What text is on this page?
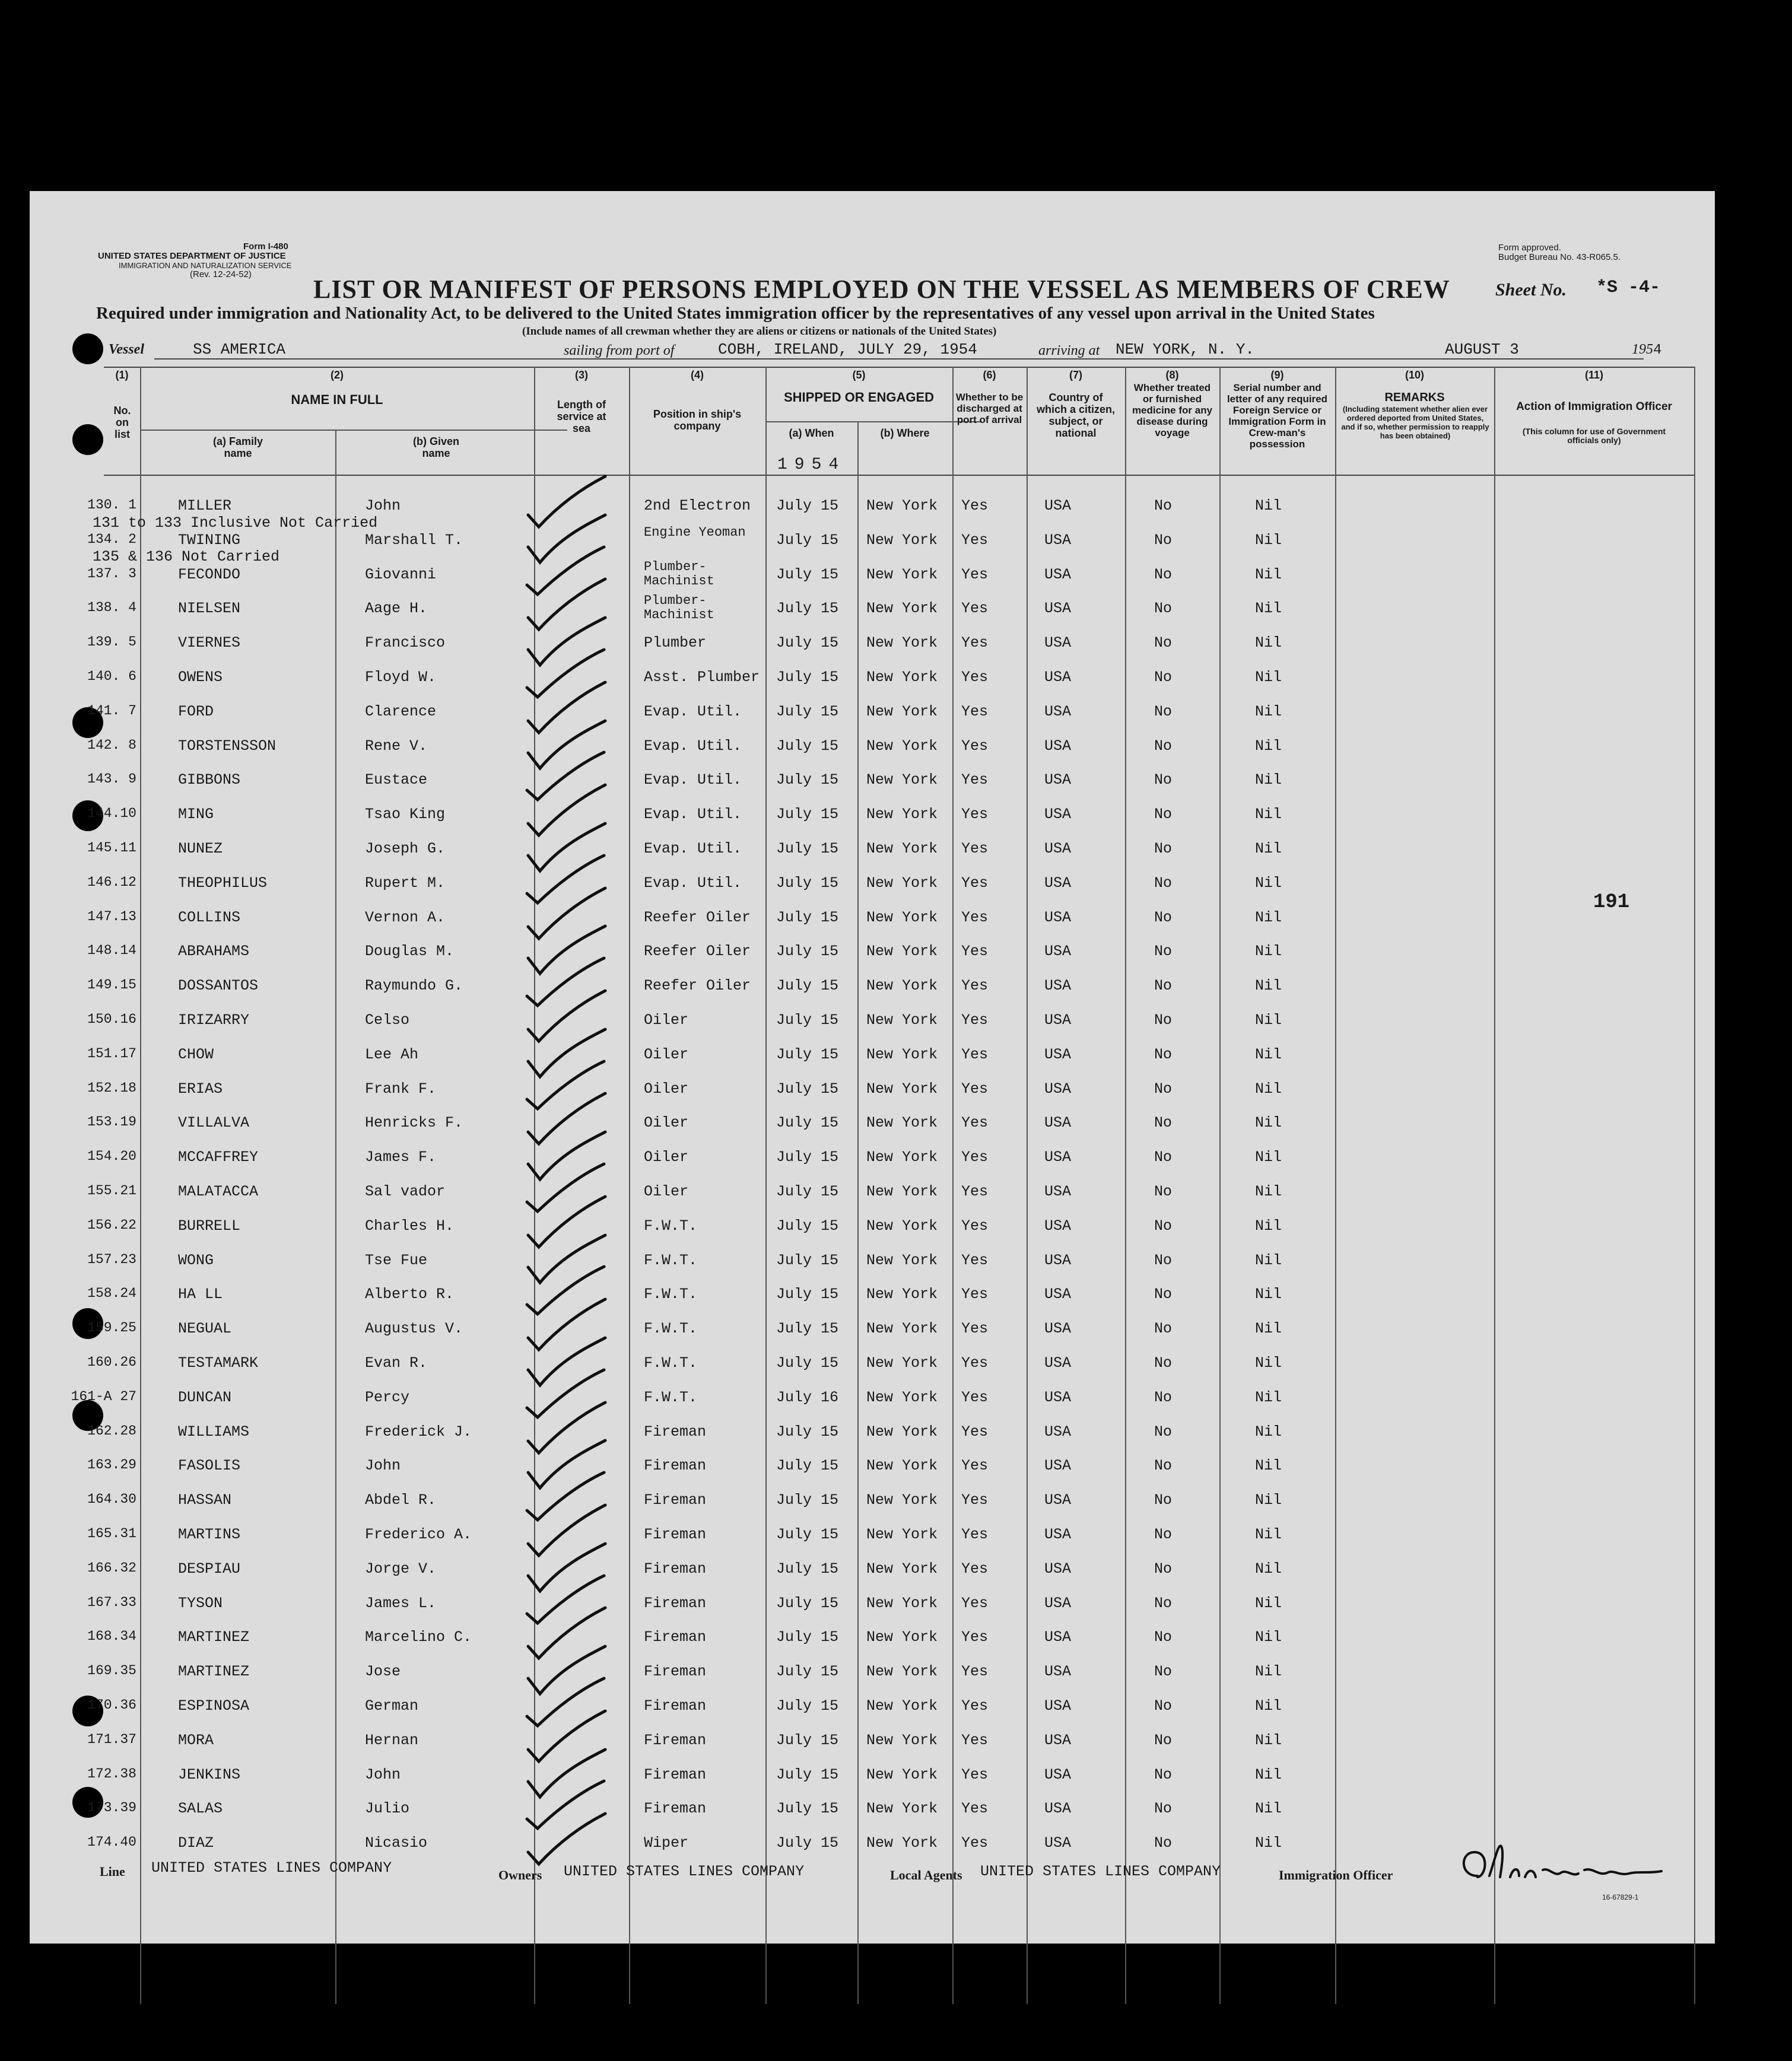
Form I-480
UNITED STATES DEPARTMENT OF JUSTICE
IMMIGRATION AND NATURALIZATION SERVICE
(Rev. 12-24-52)
Form approved.
Budget Bureau No. 43-R065.5.
LIST OR MANIFEST OF PERSONS EMPLOYED ON THE VESSEL AS MEMBERS OF CREW	Sheet No. *S -4-
Required under immigration and Nationality Act, to be delivered to the United States immigration officer by the representatives of any vessel upon arrival in the United States
(Include names of all crewman whether they are aliens or citizens or nationals of the United States)
Vessel	SS AMERICA	sailing from port of	COBH, IRELAND, JULY 29, 1954	arriving at NEW YORK, N. Y.	AUGUST 3	1954
(1)
No. on list
(2)
NAME IN FULL
(a) Family name
(b) Given name
(3)
Length of service at sea
(4)
Position in ship's company
(5)
SHIPPED OR ENGAGED
(a) When	(b) Where
1954
(6)
Whether to be discharged at port of arrival
(7)
Country of which a citizen, subject, or national
(8)
Whether treated or furnished medicine for any disease during voyage
(9)
Serial number and letter of any required Foreign Service or Immigration Form in Crew-man's possession
(10)
REMARKS
(Including statement whether alien ever ordered deported from United States, and if so, whether permission to reapply has been obtained)
(11)
Action of Immigration Officer
(This column for use of Government officials only)
131 to 133 Inclusive Not Carried
135 & 136 Not Carried
191
130. 1	MILLER	John	2nd Electron July 15 New York Yes	USA	No	Nil
134. 2	TWINING	Marshall T.	Engine Yeoman	July 15 New York Yes	USA	No	Nil
137. 3	FECONDO	Giovanni	Plumber- Machinist	July 15 New York Yes	USA	No	Nil
138. 4	NIELSEN	Aage H.	Plumber- Machinist	July 15 New York Yes	USA	No	Nil
139. 5	VIERNES	Francisco	Plumber	July 15 New York Yes	USA	No	Nil
140. 6	OWENS	Floyd W.	Asst. Plumber July 15 New York Yes	USA	No	Nil
141. 7	FORD	Clarence	Evap. Util. July 15 New York Yes	USA	No	Nil
142. 8	TORSTENSSON	Rene V.	Evap. Util. July 15 New York Yes	USA	No	Nil
143. 9	GIBBONS	Eustace	Evap. Util. July 15 New York Yes	USA	No	Nil
144.10	MING	Tsao King	Evap. Util. July 15 New York Yes	USA	No	Nil
145.11	NUNEZ	Joseph G.	Evap. Util. July 15 New York Yes	USA	No	Nil
146.12	THEOPHILUS	Rupert M.	Evap. Util. July 15 New York Yes	USA	No	Nil
147.13	COLLINS	Vernon A.	Reefer Oiler July 15 New York Yes	USA	No	Nil
148.14	ABRAHAMS	Douglas M.	Reefer Oiler July 15 New York Yes	USA	No	Nil
149.15	DOSSANTOS	Raymundo G.	Reefer Oiler July 15 New York Yes	USA	No	Nil
150.16	IRIZARRY	Celso	Oiler	July 15 New York Yes	USA	No	Nil
151.17	CHOW	Lee Ah	Oiler	July 15 New York Yes	USA	No	Nil
152.18	ERIAS	Frank F.	Oiler	July 15 New York Yes	USA	No	Nil
153.19	VILLALVA	Henricks F.	Oiler	July 15 New York Yes	USA	No	Nil
154.20	MCCAFFREY	James F.	Oiler	July 15 New York Yes	USA	No	Nil
155.21	MALATACCA	Sal vador	Oiler	July 15 New York Yes	USA	No	Nil
156.22	BURRELL	Charles H.	F.W.T.	July 15 New York Yes	USA	No	Nil
157.23	WONG	Tse Fue	F.W.T.	July 15 New York Yes	USA	No	Nil
158.24	HA LL	Alberto R.	F.W.T.	July 15 New York Yes	USA	No	Nil
159.25	NEGUAL	Augustus V.	F.W.T.	July 15 New York Yes	USA	No	Nil
160.26	TESTAMARK	Evan R.	F.W.T.	July 15 New York Yes	USA	No	Nil
161-A 27	DUNCAN	Percy	F.W.T.	July 16 New York Yes	USA	No	Nil
162.28	WILLIAMS	Frederick J.	Fireman	July 15 New York Yes	USA	No	Nil
163.29	FASOLIS	John	Fireman	July 15 New York Yes	USA	No	Nil
164.30	HASSAN	Abdel R.	Fireman	July 15 New York Yes	USA	No	Nil
165.31	MARTINS	Frederico A.	Fireman	July 15 New York Yes	USA	No	Nil
166.32	DESPIAU	Jorge V.	Fireman	July 15 New York Yes	USA	No	Nil
167.33	TYSON	James L.	Fireman	July 15 New York Yes	USA	No	Nil
168.34	MARTINEZ	Marcelino C.	Fireman	July 15 New York Yes	USA	No	Nil
169.35	MARTINEZ	Jose	Fireman	July 15 New York Yes	USA	No	Nil
170.36	ESPINOSA	German	Fireman	July 15 New York Yes	USA	No	Nil
171.37	MORA	Hernan	Fireman	July 15 New York Yes	USA	No	Nil
172.38	JENKINS	John	Fireman	July 15 New York Yes	USA	No	Nil
173.39	SALAS	Julio	Fireman	July 15 New York Yes	USA	No	Nil
174.40	DIAZ	Nicasio	Wiper	July 15 New York Yes	USA	No	Nil
Line UNITED STATES LINES COMPANY	Owners UNITED STATES LINES COMPANY	Local Agents UNITED STATES LINES COMPANY	Immigration Officer
16-67829-1
